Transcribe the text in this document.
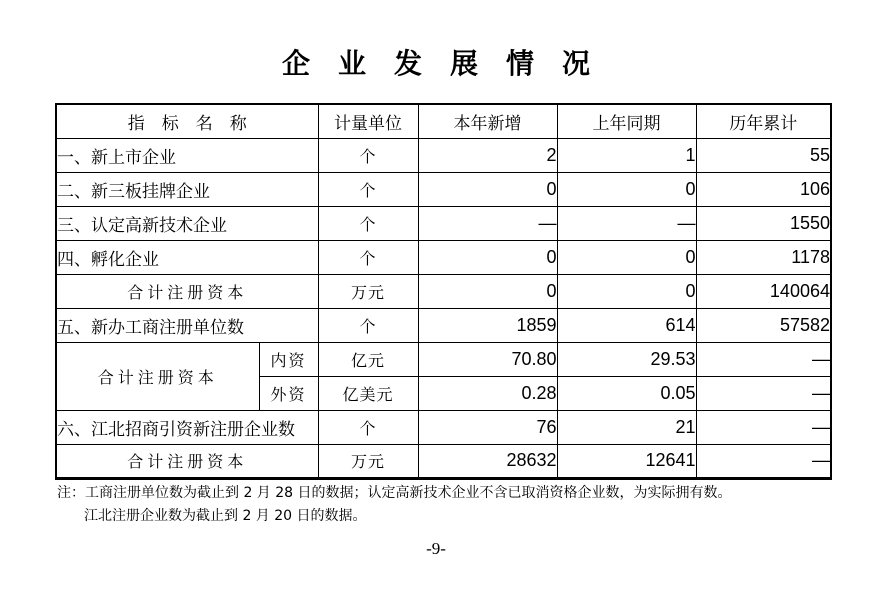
企　业　发　展　情　况
指　标　名　称		计量单位	本年新增	上年同期	历年累计
一、新上市企业		个	2	1	55
二、新三板挂牌企业		个	0	0	106
三、认定高新技术企业		个	—	—	1550
四、孵化企业		个	0	0	1178
合计注册资本		万元	0	0	140064
五、新办工商注册单位数		个	1859	614	57582
合计注册资本	内资	亿元	70.80	29.53	—
	外资	亿美元	0.28	0.05	—
六、江北招商引资新注册企业数		个	76	21	—
合计注册资本		万元	28632	12641	—
注：工商注册单位数为截止到 2 月 28 日的数据；认定高新技术企业不含已取消资格企业数，为实际拥有数。
江北注册企业数为截止到 2 月 20 日的数据。
-9-
